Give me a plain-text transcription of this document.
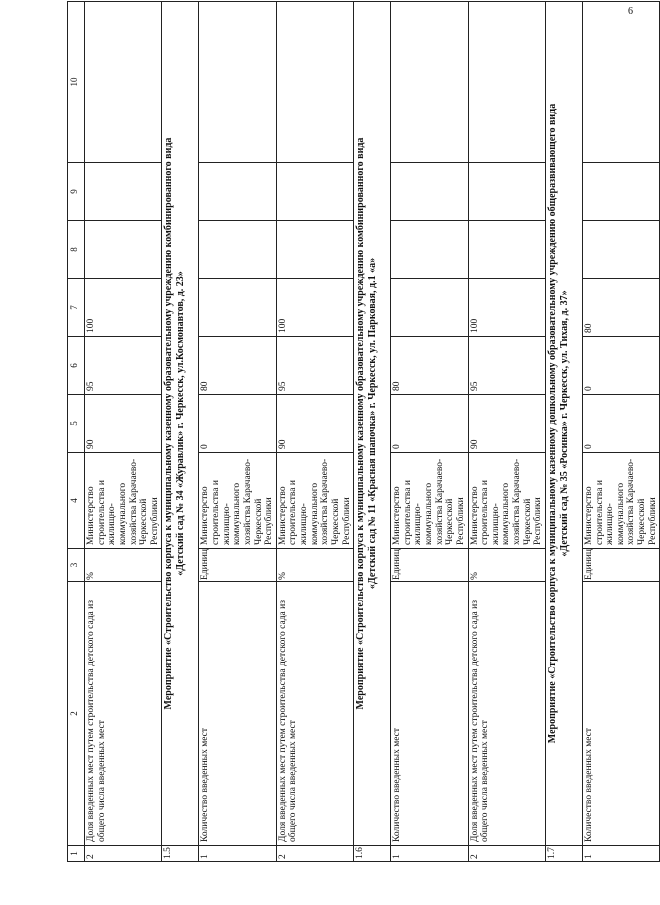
6
1	2	3	4	5	6	7	8	9	10
2	Доля введенных мест путем строительства детского сада из общего числа введенных мест	%	Министерство строительства и жилищно-коммунального хозяйства Карачаево-Черкесской Республики	90	95	100			
1.5	Мероприятие «Строительство корпуса к муниципальному казенному образовательному учреждению комбинированного вида «Детский сад № 34 «Журавлик» г. Черкесск, ул.Космонавтов, д. 23»								

1	Количество введенных мест	Единиц	Министерство строительства и жилищно-коммунального хозяйства Карачаево-Черкесской Республики	0	80				
2	Доля введенных мест путем строительства детского сада из общего числа введенных мест	%	Министерство строительства и жилищно-коммунального хозяйства Карачаево-Черкесской Республики	90	95	100			
1.6	Мероприятие «Строительство корпуса к муниципальному казенному образовательному учреждению комбинированного вида «Детский сад № 11 «Красная шапочка» г. Черкесск, ул. Парковая, д.1 «а»								

1	Количество введенных мест	Единиц	Министерство строительства и жилищно-коммунального хозяйства Карачаево-Черкесской Республики	0	80				
2	Доля введенных мест путем строительства детского сада из общего числа введенных мест	%	Министерство строительства и жилищно-коммунального хозяйства Карачаево-Черкесской Республики	90	95	100			
1.7	Мероприятие «Строительство корпуса к муниципальному казенному дошкольному образовательному учреждению общеразвивающего вида «Детский сад № 35 «Росинка» г. Черкесск, ул. Тихая, д. 37»								

1	Количество введенных мест	Единиц	Министерство строительства и жилищно-коммунального хозяйства Карачаево-Черкесской Республики	0	0	80			
